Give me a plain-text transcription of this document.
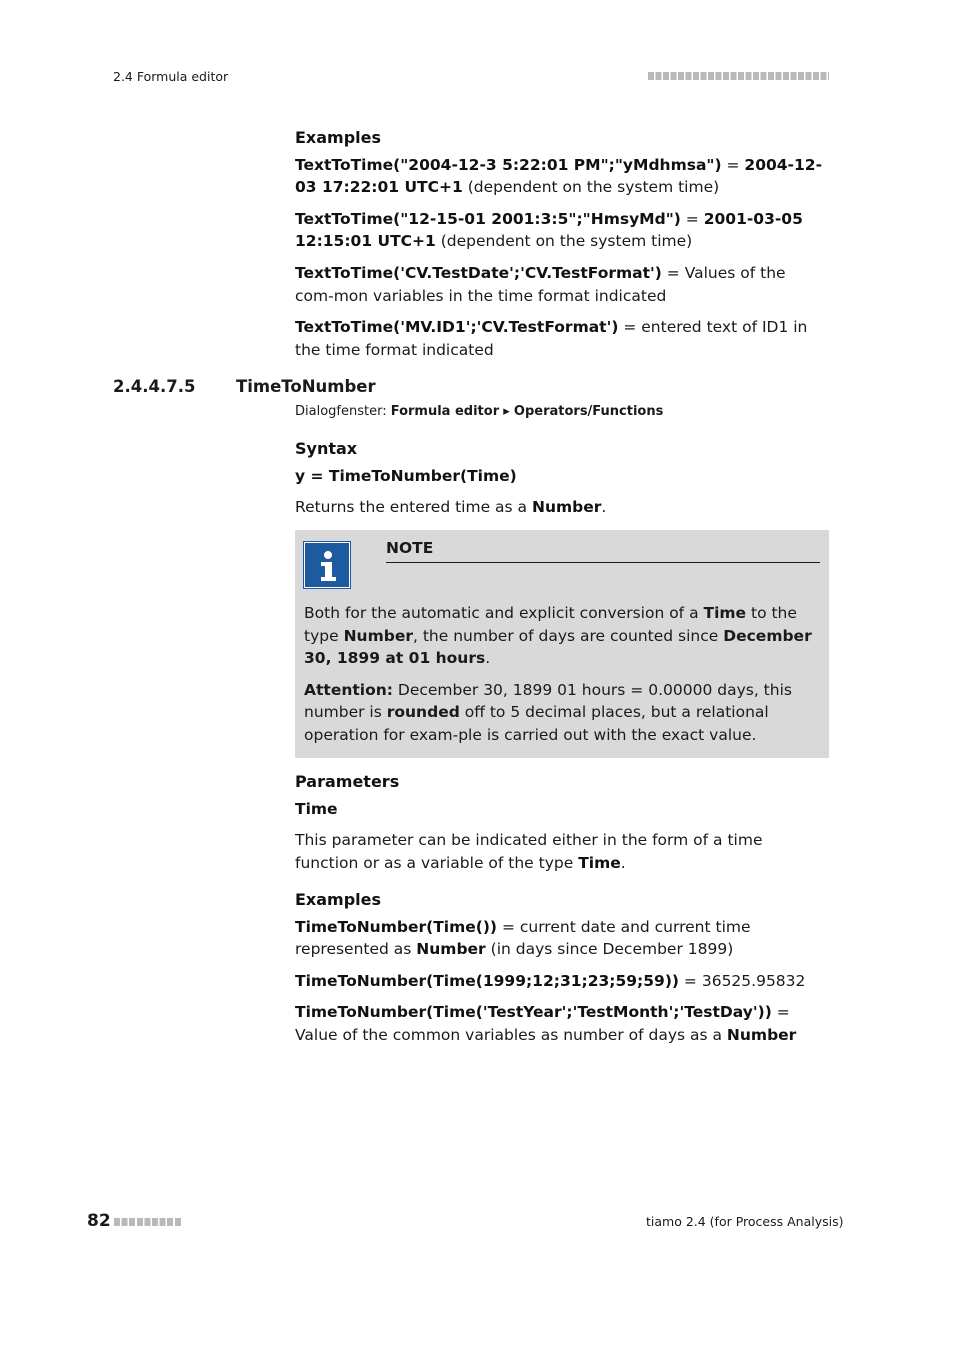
2.4 Formula editor

Examples

TextToTime("2004-12-3 5:22:01 PM";"yMdhmsa") = 2004-12-03 17:22:01 UTC+1 (dependent on the system time)

TextToTime("12-15-01 2001:3:5";"HmsyMd") = 2001-03-05 12:15:01 UTC+1 (dependent on the system time)

TextToTime('CV.TestDate';'CV.TestFormat') = Values of the com-mon variables in the time format indicated

TextToTime('MV.ID1';'CV.TestFormat') = entered text of ID1 in the time format indicated

2.4.4.7.5 TimeToNumber
Dialogfenster: Formula editor ▸ Operators/Functions

Syntax

y = TimeToNumber(Time)

Returns the entered time as a Number.

NOTE

Both for the automatic and explicit conversion of a Time to the type Number, the number of days are counted since December 30, 1899 at 01 hours.

Attention: December 30, 1899 01 hours = 0.00000 days, this number is rounded off to 5 decimal places, but a relational operation for exam-ple is carried out with the exact value.

Parameters

Time

This parameter can be indicated either in the form of a time function or as a variable of the type Time.

Examples

TimeToNumber(Time()) = current date and current time represented as Number (in days since December 1899)

TimeToNumber(Time(1999;12;31;23;59;59)) = 36525.95832

TimeToNumber(Time('TestYear';'TestMonth';'TestDay')) = Value of the common variables as number of days as a Number

82	tiamo 2.4 (for Process Analysis)
